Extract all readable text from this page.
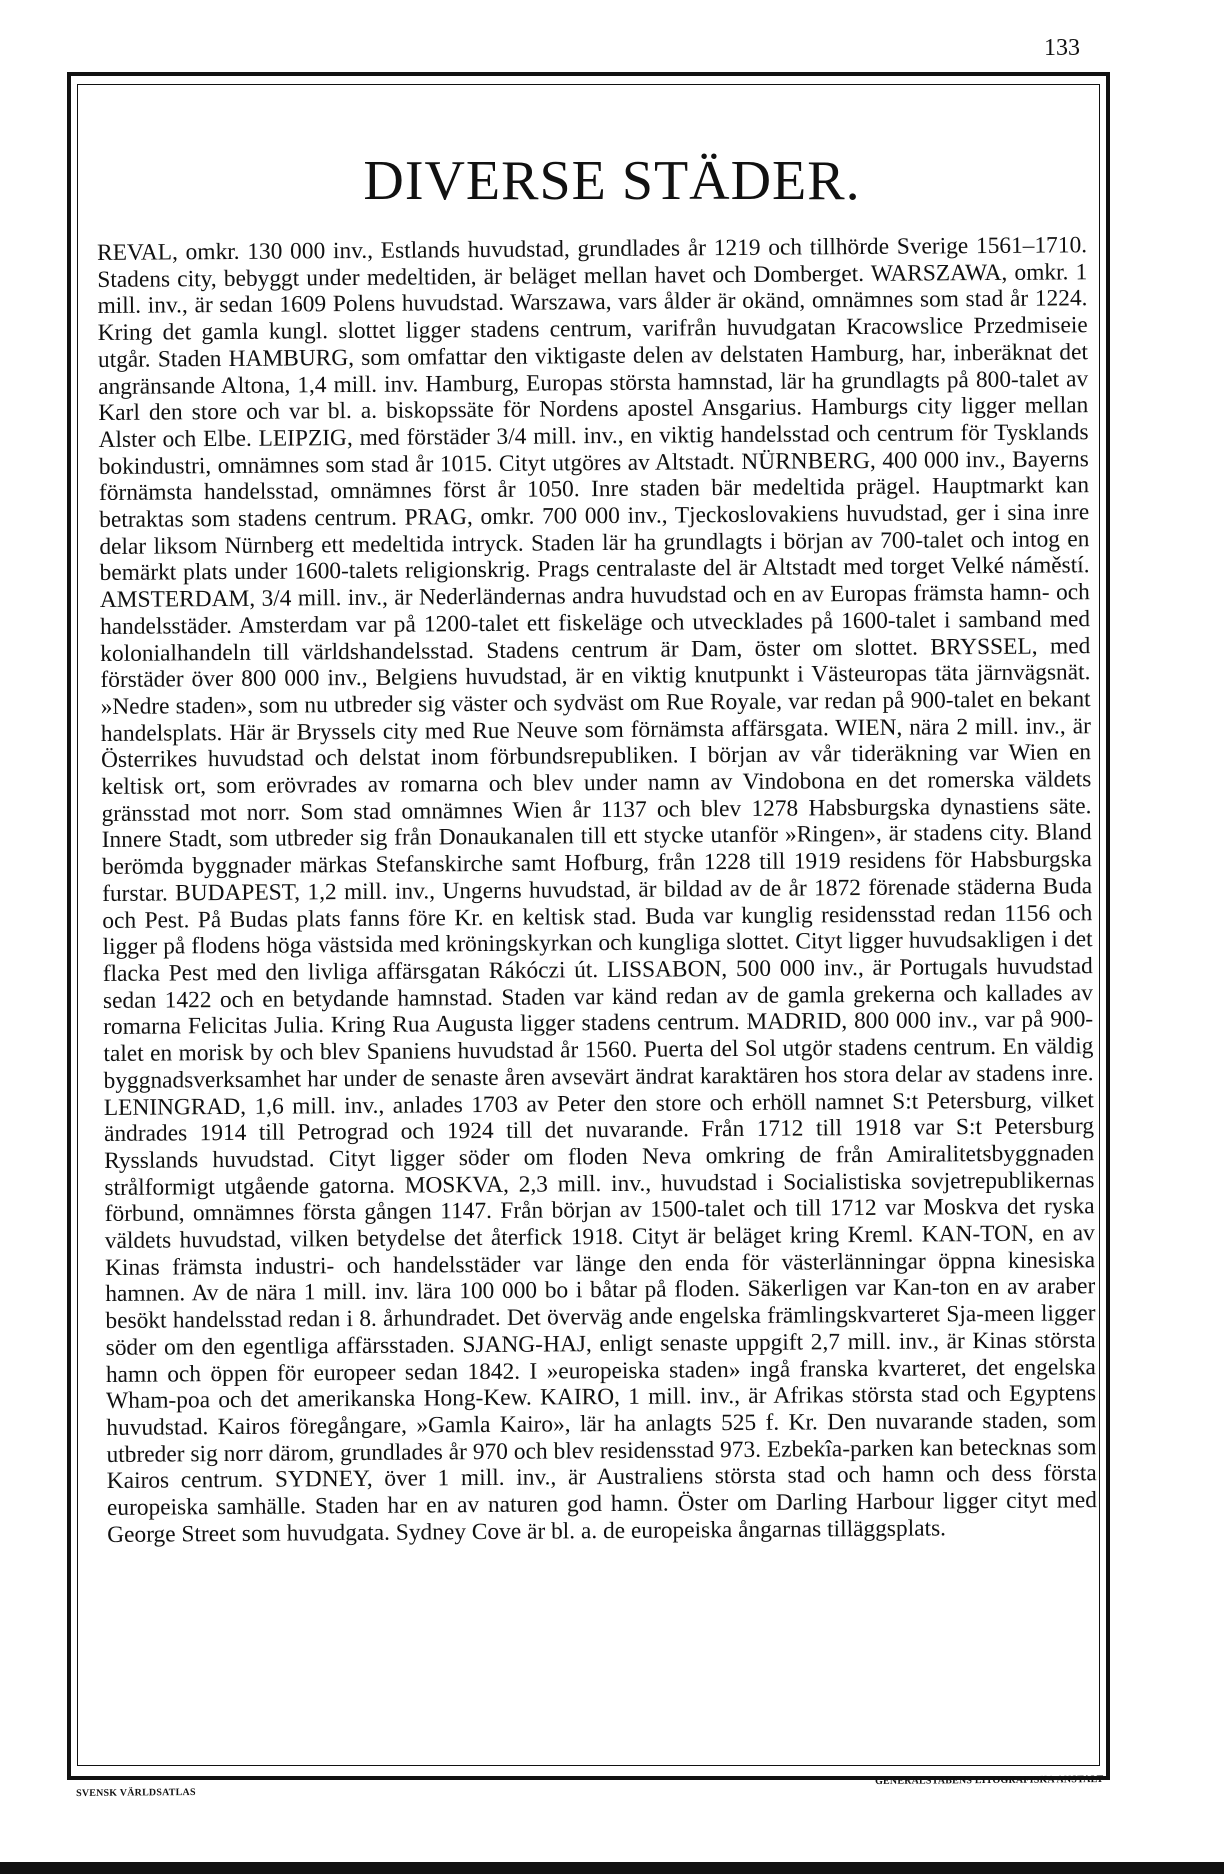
133
DIVERSE STÄDER.

REVAL, omkr. 130 000 inv., Estlands huvudstad, grundlades år 1219 och tillhörde Sverige 1561–1710. Stadens city, bebyggt under medeltiden, är beläget mellan havet och Domberget. WARSZAWA, omkr. 1 mill. inv., är sedan 1609 Polens huvudstad. Warszawa, vars ålder är okänd, omnämnes som stad år 1224. Kring det gamla kungl. slottet ligger stadens centrum, varifrån huvudgatan Kracowslice Przedmiseie utgår. Staden HAMBURG, som omfattar den viktigaste delen av delstaten Hamburg, har, inberäknat det angränsande Altona, 1,4 mill. inv. Hamburg, Europas största hamnstad, lär ha grundlagts på 800-talet av Karl den store och var bl. a. biskopssäte för Nordens apostel Ansgarius. Hamburgs city ligger mellan Alster och Elbe. LEIPZIG, med förstäder 3/4 mill. inv., en viktig handelsstad och centrum för Tysklands bokindustri, omnämnes som stad år 1015. Cityt utgöres av Altstadt. NÜRNBERG, 400 000 inv., Bayerns förnämsta handelsstad, omnämnes först år 1050. Inre staden bär medeltida prägel. Hauptmarkt kan betraktas som stadens centrum. PRAG, omkr. 700 000 inv., Tjeckoslovakiens huvudstad, ger i sina inre delar liksom Nürnberg ett medeltida intryck. Staden lär ha grundlagts i början av 700-talet och intog en bemärkt plats under 1600-talets religionskrig. Prags centralaste del är Altstadt med torget Velké náměstí. AMSTERDAM, 3/4 mill. inv., är Nederländernas andra huvudstad och en av Europas främsta hamn- och handelsstäder. Amsterdam var på 1200-talet ett fiskeläge och utvecklades på 1600-talet i samband med kolonialhandeln till världshandelsstad. Stadens centrum är Dam, öster om slottet. BRYSSEL, med förstäder över 800 000 inv., Belgiens huvudstad, är en viktig knutpunkt i Västeuropas täta järnvägsnät. »Nedre staden», som nu utbreder sig väster och sydväst om Rue Royale, var redan på 900-talet en bekant handelsplats. Här är Bryssels city med Rue Neuve som förnämsta affärsgata. WIEN, nära 2 mill. inv., är Österrikes huvudstad och delstat inom förbundsrepubliken. I början av vår tideräkning var Wien en keltisk ort, som erövrades av romarna och blev under namn av Vindobona en det romerska väldets gränsstad mot norr. Som stad omnämnes Wien år 1137 och blev 1278 Habsburgska dynastiens säte. Innere Stadt, som utbreder sig från Donaukanalen till ett stycke utanför »Ringen», är stadens city. Bland berömda byggnader märkas Stefanskirche samt Hofburg, från 1228 till 1919 residens för Habsburgska furstar. BUDAPEST, 1,2 mill. inv., Ungerns huvudstad, är bildad av de år 1872 förenade städerna Buda och Pest. På Budas plats fanns före Kr. en keltisk stad. Buda var kunglig residensstad redan 1156 och ligger på flodens höga västsida med kröningskyrkan och kungliga slottet. Cityt ligger huvudsakligen i det flacka Pest med den livliga affärsgatan Rákóczi út. LISSABON, 500 000 inv., är Portugals huvudstad sedan 1422 och en betydande hamnstad. Staden var känd redan av de gamla grekerna och kallades av romarna Felicitas Julia. Kring Rua Augusta ligger stadens centrum. MADRID, 800 000 inv., var på 900-talet en morisk by och blev Spaniens huvudstad år 1560. Puerta del Sol utgör stadens centrum. En väldig byggnadsverksamhet har under de senaste åren avsevärt ändrat karaktären hos stora delar av stadens inre. LENINGRAD, 1,6 mill. inv., anlades 1703 av Peter den store och erhöll namnet S:t Petersburg, vilket ändrades 1914 till Petrograd och 1924 till det nuvarande. Från 1712 till 1918 var S:t Petersburg Rysslands huvudstad. Cityt ligger söder om floden Neva omkring de från Amiralitetsbyggnaden strålformigt utgående gatorna. MOSKVA, 2,3 mill. inv., huvudstad i Socialistiska sovjetrepublikernas förbund, omnämnes första gången 1147. Från början av 1500-talet och till 1712 var Moskva det ryska väldets huvudstad, vilken betydelse det återfick 1918. Cityt är beläget kring Kreml. KAN-TON, en av Kinas främsta industri- och handelsstäder var länge den enda för västerlänningar öppna kinesiska hamnen. Av de nära 1 mill. inv. lära 100 000 bo i båtar på floden. Säkerligen var Kan-ton en av araber besökt handelsstad redan i 8. århundradet. Det överväg ande engelska främlingskvarteret Sja-meen ligger söder om den egentliga affärsstaden. SJANG-HAJ, enligt senaste uppgift 2,7 mill. inv., är Kinas största hamn och öppen för europeer sedan 1842. I »europeiska staden» ingå franska kvarteret, det engelska Wham-poa och det amerikanska Hong-Kew. KAIRO, 1 mill. inv., är Afrikas största stad och Egyptens huvudstad. Kairos föregångare, »Gamla Kairo», lär ha anlagts 525 f. Kr. Den nuvarande staden, som utbreder sig norr därom, grundlades år 970 och blev residensstad 973. Ezbekîa-parken kan betecknas som Kairos centrum. SYDNEY, över 1 mill. inv., är Australiens största stad och hamn och dess första europeiska samhälle. Staden har en av naturen god hamn. Öster om Darling Harbour ligger cityt med George Street som huvudgata. Sydney Cove är bl. a. de europeiska ångarnas tilläggsplats.

SVENSK VÄRLDSATLAS
GENERALSTABENS LITOGRAFISKA ANSTALT
